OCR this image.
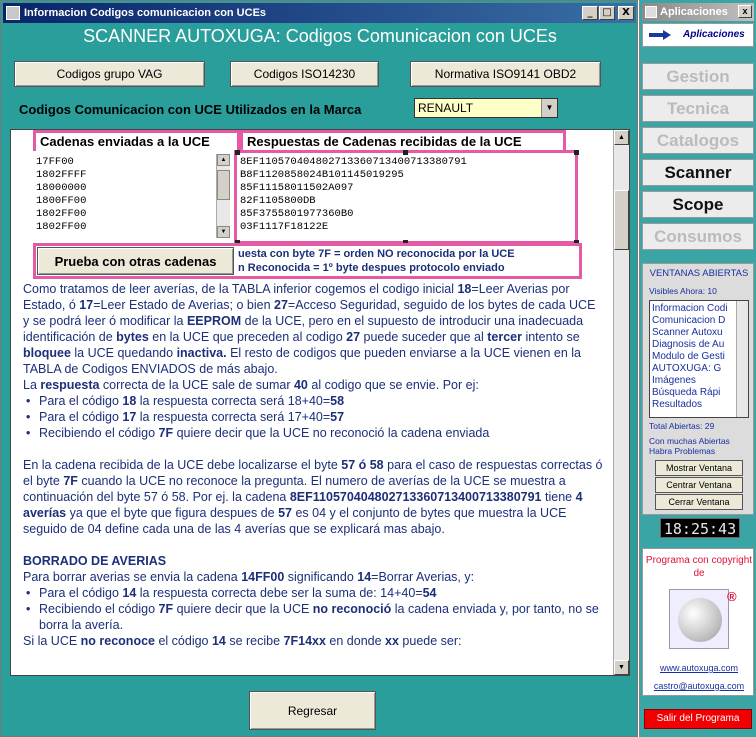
Informacion Codigos comunicacion con UCEs	_ □	X
SCANNER AUTOXUGA: Codigos Comunicacion con UCEs
Codigos grupo VAG	Codigos ISO14230	Normativa ISO9141 OBD2
Codigos Comunicacion con UCE Utilizados en la Marca	RENAULT	▼
Cadenas enviadas a la UCE
17FF00
1802FFFF
18000000
1800FF00
1802FF00
1802FF00
▲
▼
Respuestas de Cadenas recibidas de la UCE
8EF110570404802713360713400713380791
B8F1120858024B101145019295
85F11158011502A097
82F1105800DB
85F3755801977360B0
03F1117F18122E
Prueba con otras cadenas	uesta con byte 7F = orden NO reconocida por la UCE
n Reconocida = 1º byte despues protocolo enviado

Como tratamos de leer averías, de la TABLA inferior cogemos el codigo inicial 18=Leer Averias por Estado, ó 17=Leer Estado de Averias; o bien 27=Acceso Seguridad, seguido de los bytes de cada UCE y se podrá leer ó modificar la EEPROM de la UCE, pero en el supuesto de introducir una inadecuada identificación de bytes en la UCE que preceden al codigo 27 puede suceder que al tercer intento se bloquee la UCE quedando inactiva. El resto de codigos que pueden enviarse a la UCE vienen en la TABLA de Codigos ENVIADOS de más abajo.

La respuesta correcta de la UCE sale de sumar 40 al codigo que se envie. Por ej:

• Para el código 18 la respuesta correcta será 18+40=58

• Para el código 17 la respuesta correcta será 17+40=57

• Recibiendo el código 7F quiere decir que la UCE no reconoció la cadena enviada

En la cadena recibida de la UCE debe localizarse el byte 57 ó 58 para el caso de respuestas correctas ó el byte 7F cuando la UCE no reconoce la pregunta. El numero de averías de la UCE se muestra a continuación del byte 57 ó 58. Por ej. la cadena 8EF110570404802713360713400713380791 tiene 4 averías ya que el byte que figura despues de 57 es 04 y el conjunto de bytes que muestra la UCE seguido de 04 define cada una de las 4 averías que se explicará mas abajo.

BORRADO DE AVERIAS

Para borrar averias se envia la cadena 14FF00 significando 14=Borrar Averias, y:

• Para el código 14 la respuesta correcta debe ser la suma de: 14+40=54

• Recibiendo el código 7F quiere decir que la UCE no reconoció la cadena enviada y, por tanto, no se borra la avería.

Si la UCE no reconoce el código 14 se recibe 7F14xx en donde xx puede ser:

▲
▼
Regresar
Aplicaciones	x
Aplicaciones
Gestion
Tecnica
Catalogos
Scanner
Scope
Consumos
VENTANAS ABIERTAS
Visibles Ahora: 10
Informacion Codi
Comunicacion D
Scanner Autoxu
Diagnosis de Au
Modulo de Gesti
AUTOXUGA: G
Imágenes
Búsqueda Rápi
Resultados
Total Abiertas: 29
Con muchas Abiertas Habra Problemas
Mostrar Ventana
Centrar Ventana
Cerrar Ventana
18:25:43
Programa con copyright de
®
www.autoxuga.com
castro@autoxuga.com
Salir del Programa
